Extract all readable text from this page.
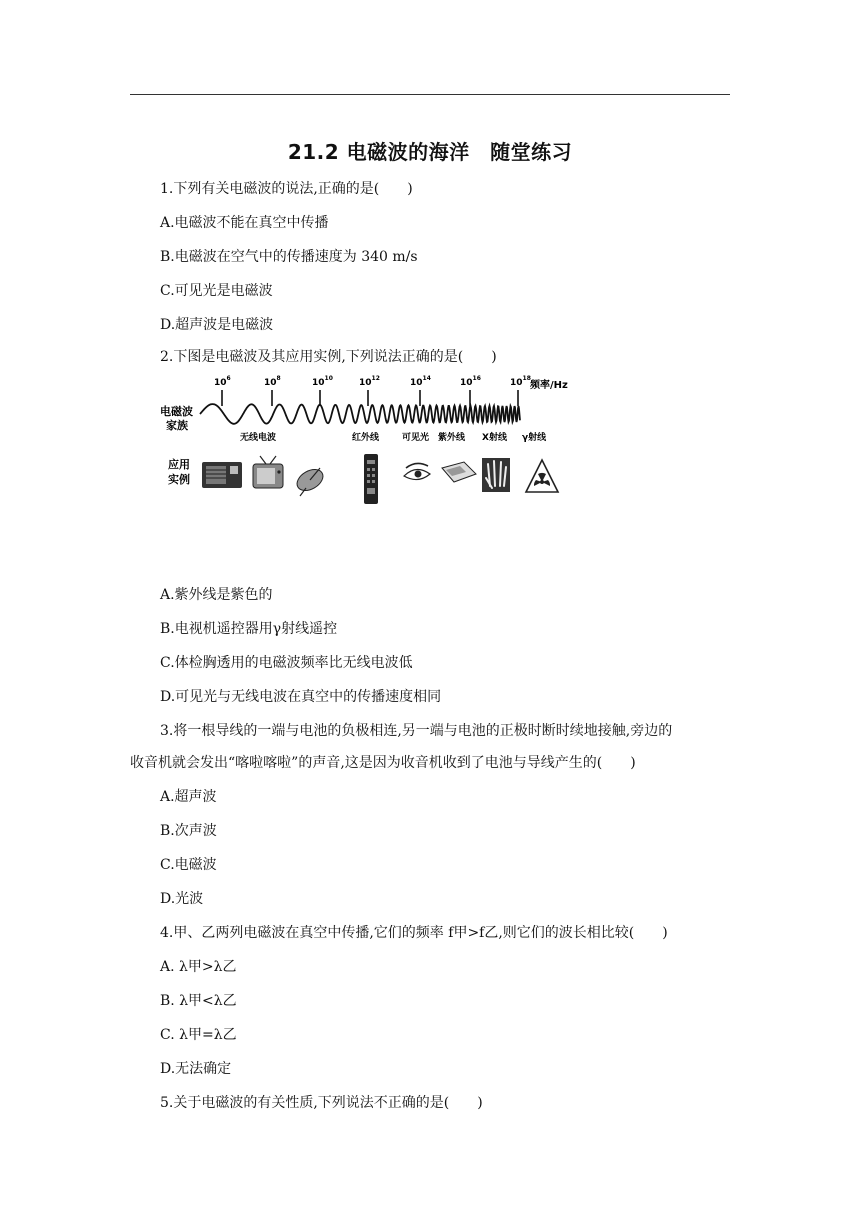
21.2 电磁波的海洋　随堂练习
1.下列有关电磁波的说法,正确的是(　　)
A.电磁波不能在真空中传播
B.电磁波在空气中的传播速度为 340 m/s
C.可见光是电磁波
D.超声波是电磁波
2.下图是电磁波及其应用实例,下列说法正确的是(　　)
电磁波
家族
应用
实例
$10^6$	$10^8$	$10^{10}$	$10^{12}$	$10^{14}$	$10^{16}$	$10^{18}$
频率/Hz
无线电波	红外线	可见光 紫外线 X射线 γ射线
A.紫外线是紫色的
B.电视机遥控器用γ射线遥控
C.体检胸透用的电磁波频率比无线电波低
D.可见光与无线电波在真空中的传播速度相同
3.将一根导线的一端与电池的负极相连,另一端与电池的正极时断时续地接触,旁边的
收音机就会发出“喀啦喀啦”的声音,这是因为收音机收到了电池与导线产生的(　　)
A.超声波
B.次声波
C.电磁波
D.光波
4.甲、乙两列电磁波在真空中传播,它们的频率 f甲>f乙,则它们的波长相比较(　　)
A. λ甲>λ乙
B. λ甲<λ乙
C. λ甲=λ乙
D.无法确定
5.关于电磁波的有关性质,下列说法不正确的是(　　)
